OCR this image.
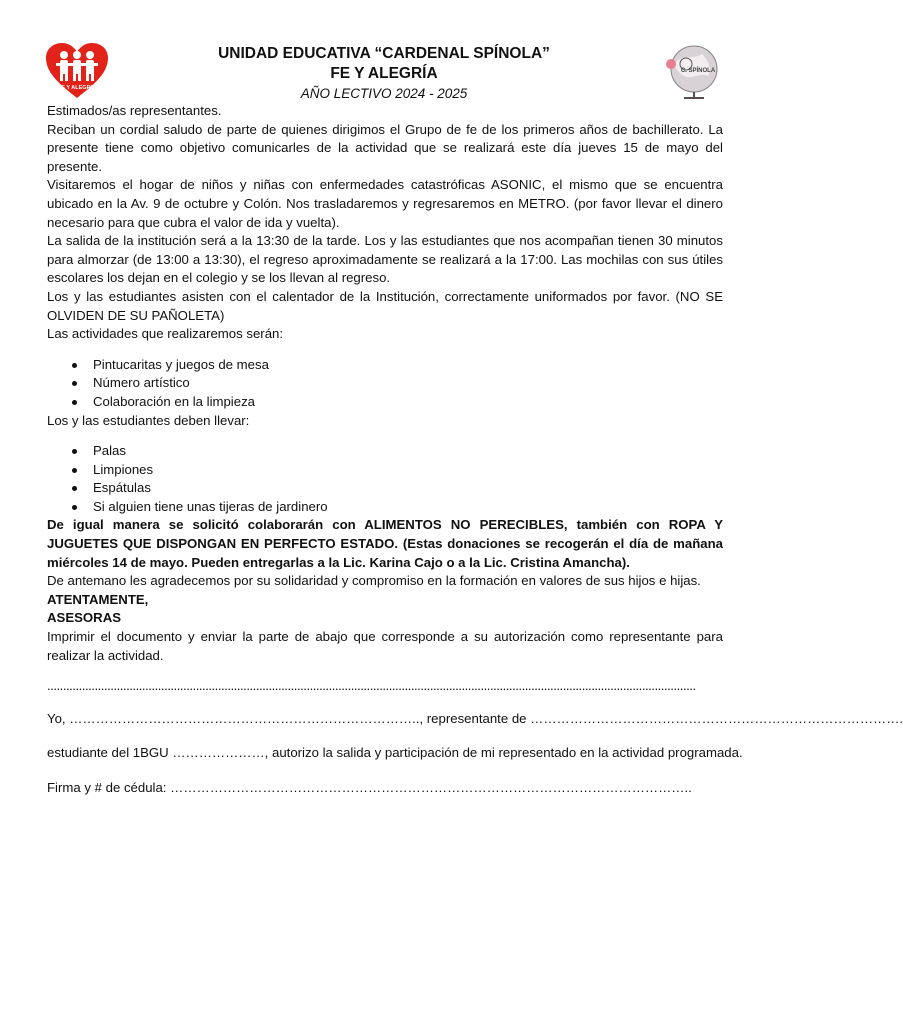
FE Y ALEGRIA
C. SPÍNOLA
UNIDAD EDUCATIVA “CARDENAL SPÍNOLA”
FE Y ALEGRÍA
AÑO LECTIVO 2024 - 2025

Estimados/as representantes.

Reciban un cordial saludo de parte de quienes dirigimos el Grupo de fe de los primeros años de bachillerato. La presente tiene como objetivo comunicarles de la actividad que se realizará este día jueves 15 de mayo del presente.

Visitaremos el hogar de niños y niñas con enfermedades catastróficas ASONIC, el mismo que se encuentra ubicado en la Av. 9 de octubre y Colón. Nos trasladaremos y regresaremos en METRO. (por favor llevar el dinero necesario para que cubra el valor de ida y vuelta).

La salida de la institución será a la 13:30 de la tarde. Los y las estudiantes que nos acompañan tienen 30 minutos para almorzar (de 13:00 a 13:30), el regreso aproximadamente se realizará a la 17:00. Las mochilas con sus útiles escolares los dejan en el colegio y se los llevan al regreso.

Los y las estudiantes asisten con el calentador de la Institución, correctamente uniformados por favor. (NO SE OLVIDEN DE SU PAÑOLETA)

Las actividades que realizaremos serán:

Pintucaritas y juegos de mesa
Número artístico
Colaboración en la limpieza

Los y las estudiantes deben llevar:

Palas
Limpiones
Espátulas
Si alguien tiene unas tijeras de jardinero

De igual manera se solicitó colaborarán con ALIMENTOS NO PERECIBLES, también con ROPA Y JUGUETES QUE DISPONGAN EN PERFECTO ESTADO. (Estas donaciones se recogerán el día de mañana miércoles 14 de mayo. Pueden entregarlas a la Lic. Karina Cajo o a la Lic. Cristina Amancha).

De antemano les agradecemos por su solidaridad y compromiso en la formación en valores de sus hijos e hijas.

ATENTAMENTE,

ASESORAS

Imprimir el documento y enviar la parte de abajo que corresponde a su autorización como representante para realizar la actividad.

.............................................................................................................................................................................................................
Yo, …………………………………………………………………….., representante de ………………………………………………………………………….
estudiante del 1BGU …………………, autorizo la salida y participación de mi representado en la actividad programada.
Firma y # de cédula: ………………………………………………………………………………………………………..
